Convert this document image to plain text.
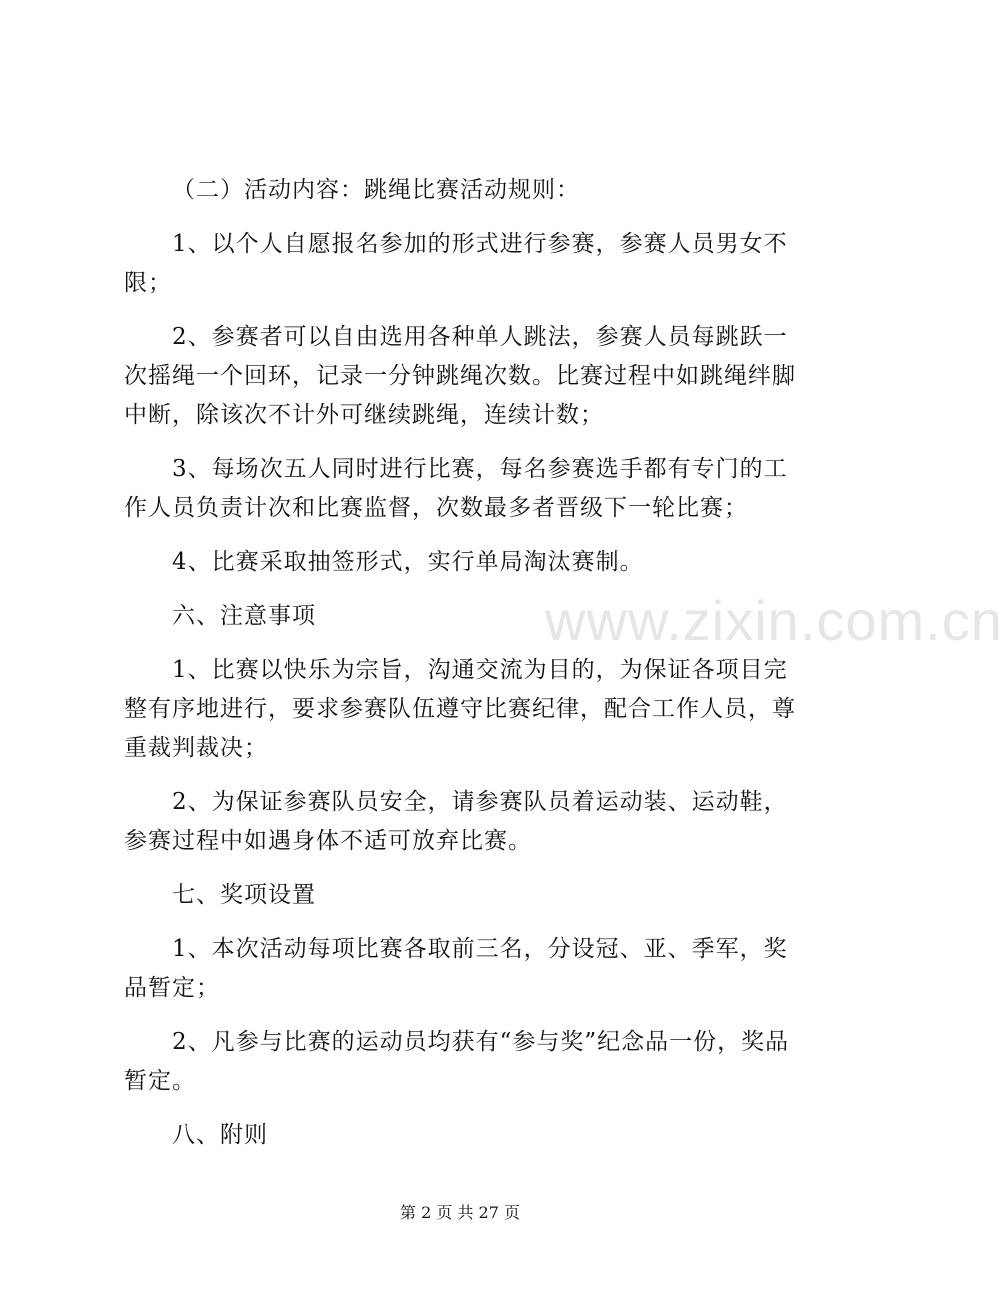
www.zixin.com.cn

（二）活动内容：跳绳比赛活动规则：

1、以个人自愿报名参加的形式进行参赛，参赛人员男女不限；

2、参赛者可以自由选用各种单人跳法，参赛人员每跳跃一次摇绳一个回环，记录一分钟跳绳次数。比赛过程中如跳绳绊脚中断，除该次不计外可继续跳绳，连续计数；

3、每场次五人同时进行比赛，每名参赛选手都有专门的工作人员负责计次和比赛监督，次数最多者晋级下一轮比赛；

4、比赛采取抽签形式，实行单局淘汰赛制。

六、注意事项

1、比赛以快乐为宗旨，沟通交流为目的，为保证各项目完整有序地进行，要求参赛队伍遵守比赛纪律，配合工作人员，尊重裁判裁决；

2、为保证参赛队员安全，请参赛队员着运动装、运动鞋，参赛过程中如遇身体不适可放弃比赛。

七、奖项设置

1、本次活动每项比赛各取前三名，分设冠、亚、季军，奖品暂定；

2、凡参与比赛的运动员均获有“参与奖”纪念品一份，奖品暂定。

八、附则

第 2 页 共 27 页
